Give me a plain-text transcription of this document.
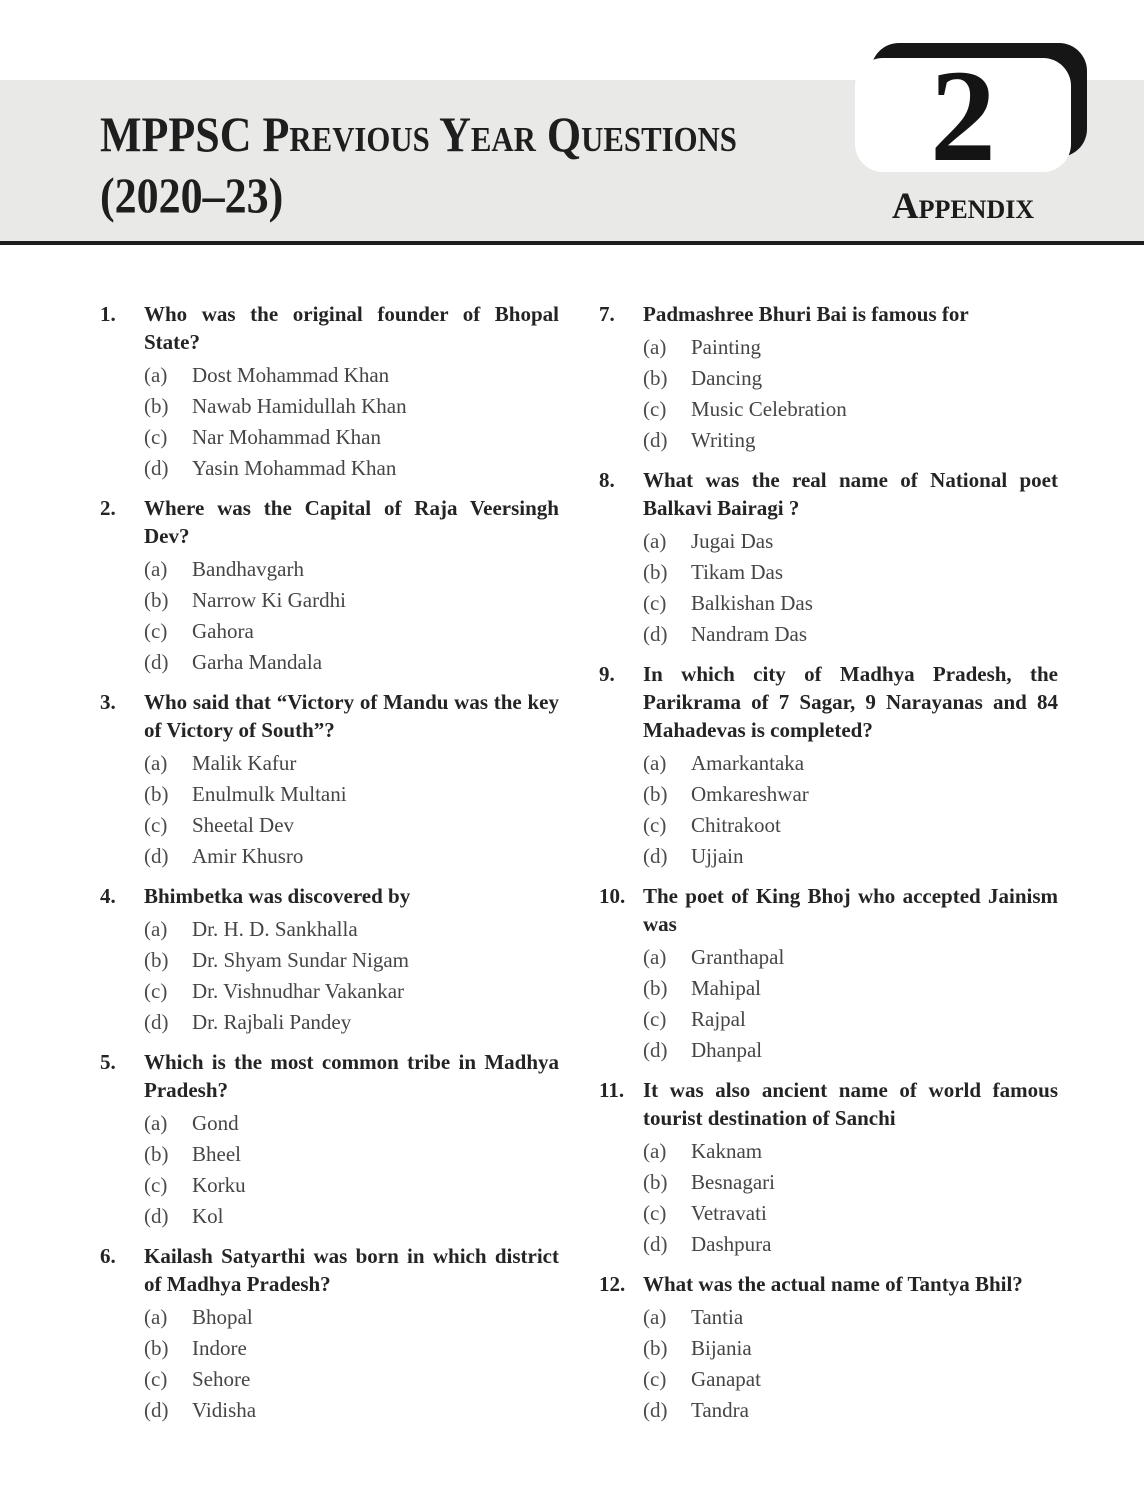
MPPSC Previous Year Questions
(2020–23)
2
Appendix
1.	Who was the original founder of Bhopal State?
(a)	Dost Mohammad Khan
(b)	Nawab Hamidullah Khan
(c)	Nar Mohammad Khan
(d)	Yasin Mohammad Khan
2.	Where was the Capital of Raja Veersingh Dev?
(a)	Bandhavgarh
(b)	Narrow Ki Gardhi
(c)	Gahora
(d)	Garha Mandala
3.	Who said that “Victory of Mandu was the key of Victory of South”?
(a)	Malik Kafur
(b)	Enulmulk Multani
(c)	Sheetal Dev
(d)	Amir Khusro
4.	Bhimbetka was discovered by
(a)	Dr. H. D. Sankhalla
(b)	Dr. Shyam Sundar Nigam
(c)	Dr. Vishnudhar Vakankar
(d)	Dr. Rajbali Pandey
5.	Which is the most common tribe in Madhya Pradesh?
(a)	Gond
(b)	Bheel
(c)	Korku
(d)	Kol
6.	Kailash Satyarthi was born in which district of Madhya Pradesh?
(a)	Bhopal
(b)	Indore
(c)	Sehore
(d)	Vidisha
7.	Padmashree Bhuri Bai is famous for
(a)	Painting
(b)	Dancing
(c)	Music Celebration
(d)	Writing
8.	What was the real name of National poet Balkavi Bairagi ?
(a)	Jugai Das
(b)	Tikam Das
(c)	Balkishan Das
(d)	Nandram Das
9.	In which city of Madhya Pradesh, the Parikrama of 7 Sagar, 9 Narayanas and 84 Mahadevas is completed?
(a)	Amarkantaka
(b)	Omkareshwar
(c)	Chitrakoot
(d)	Ujjain
10. The poet of King Bhoj who accepted Jainism was
(a)	Granthapal
(b)	Mahipal
(c)	Rajpal
(d)	Dhanpal
11. It was also ancient name of world famous tourist destination of Sanchi
(a)	Kaknam
(b)	Besnagari
(c)	Vetravati
(d)	Dashpura
12. What was the actual name of Tantya Bhil?
(a)	Tantia
(b)	Bijania
(c)	Ganapat
(d)	Tandra
